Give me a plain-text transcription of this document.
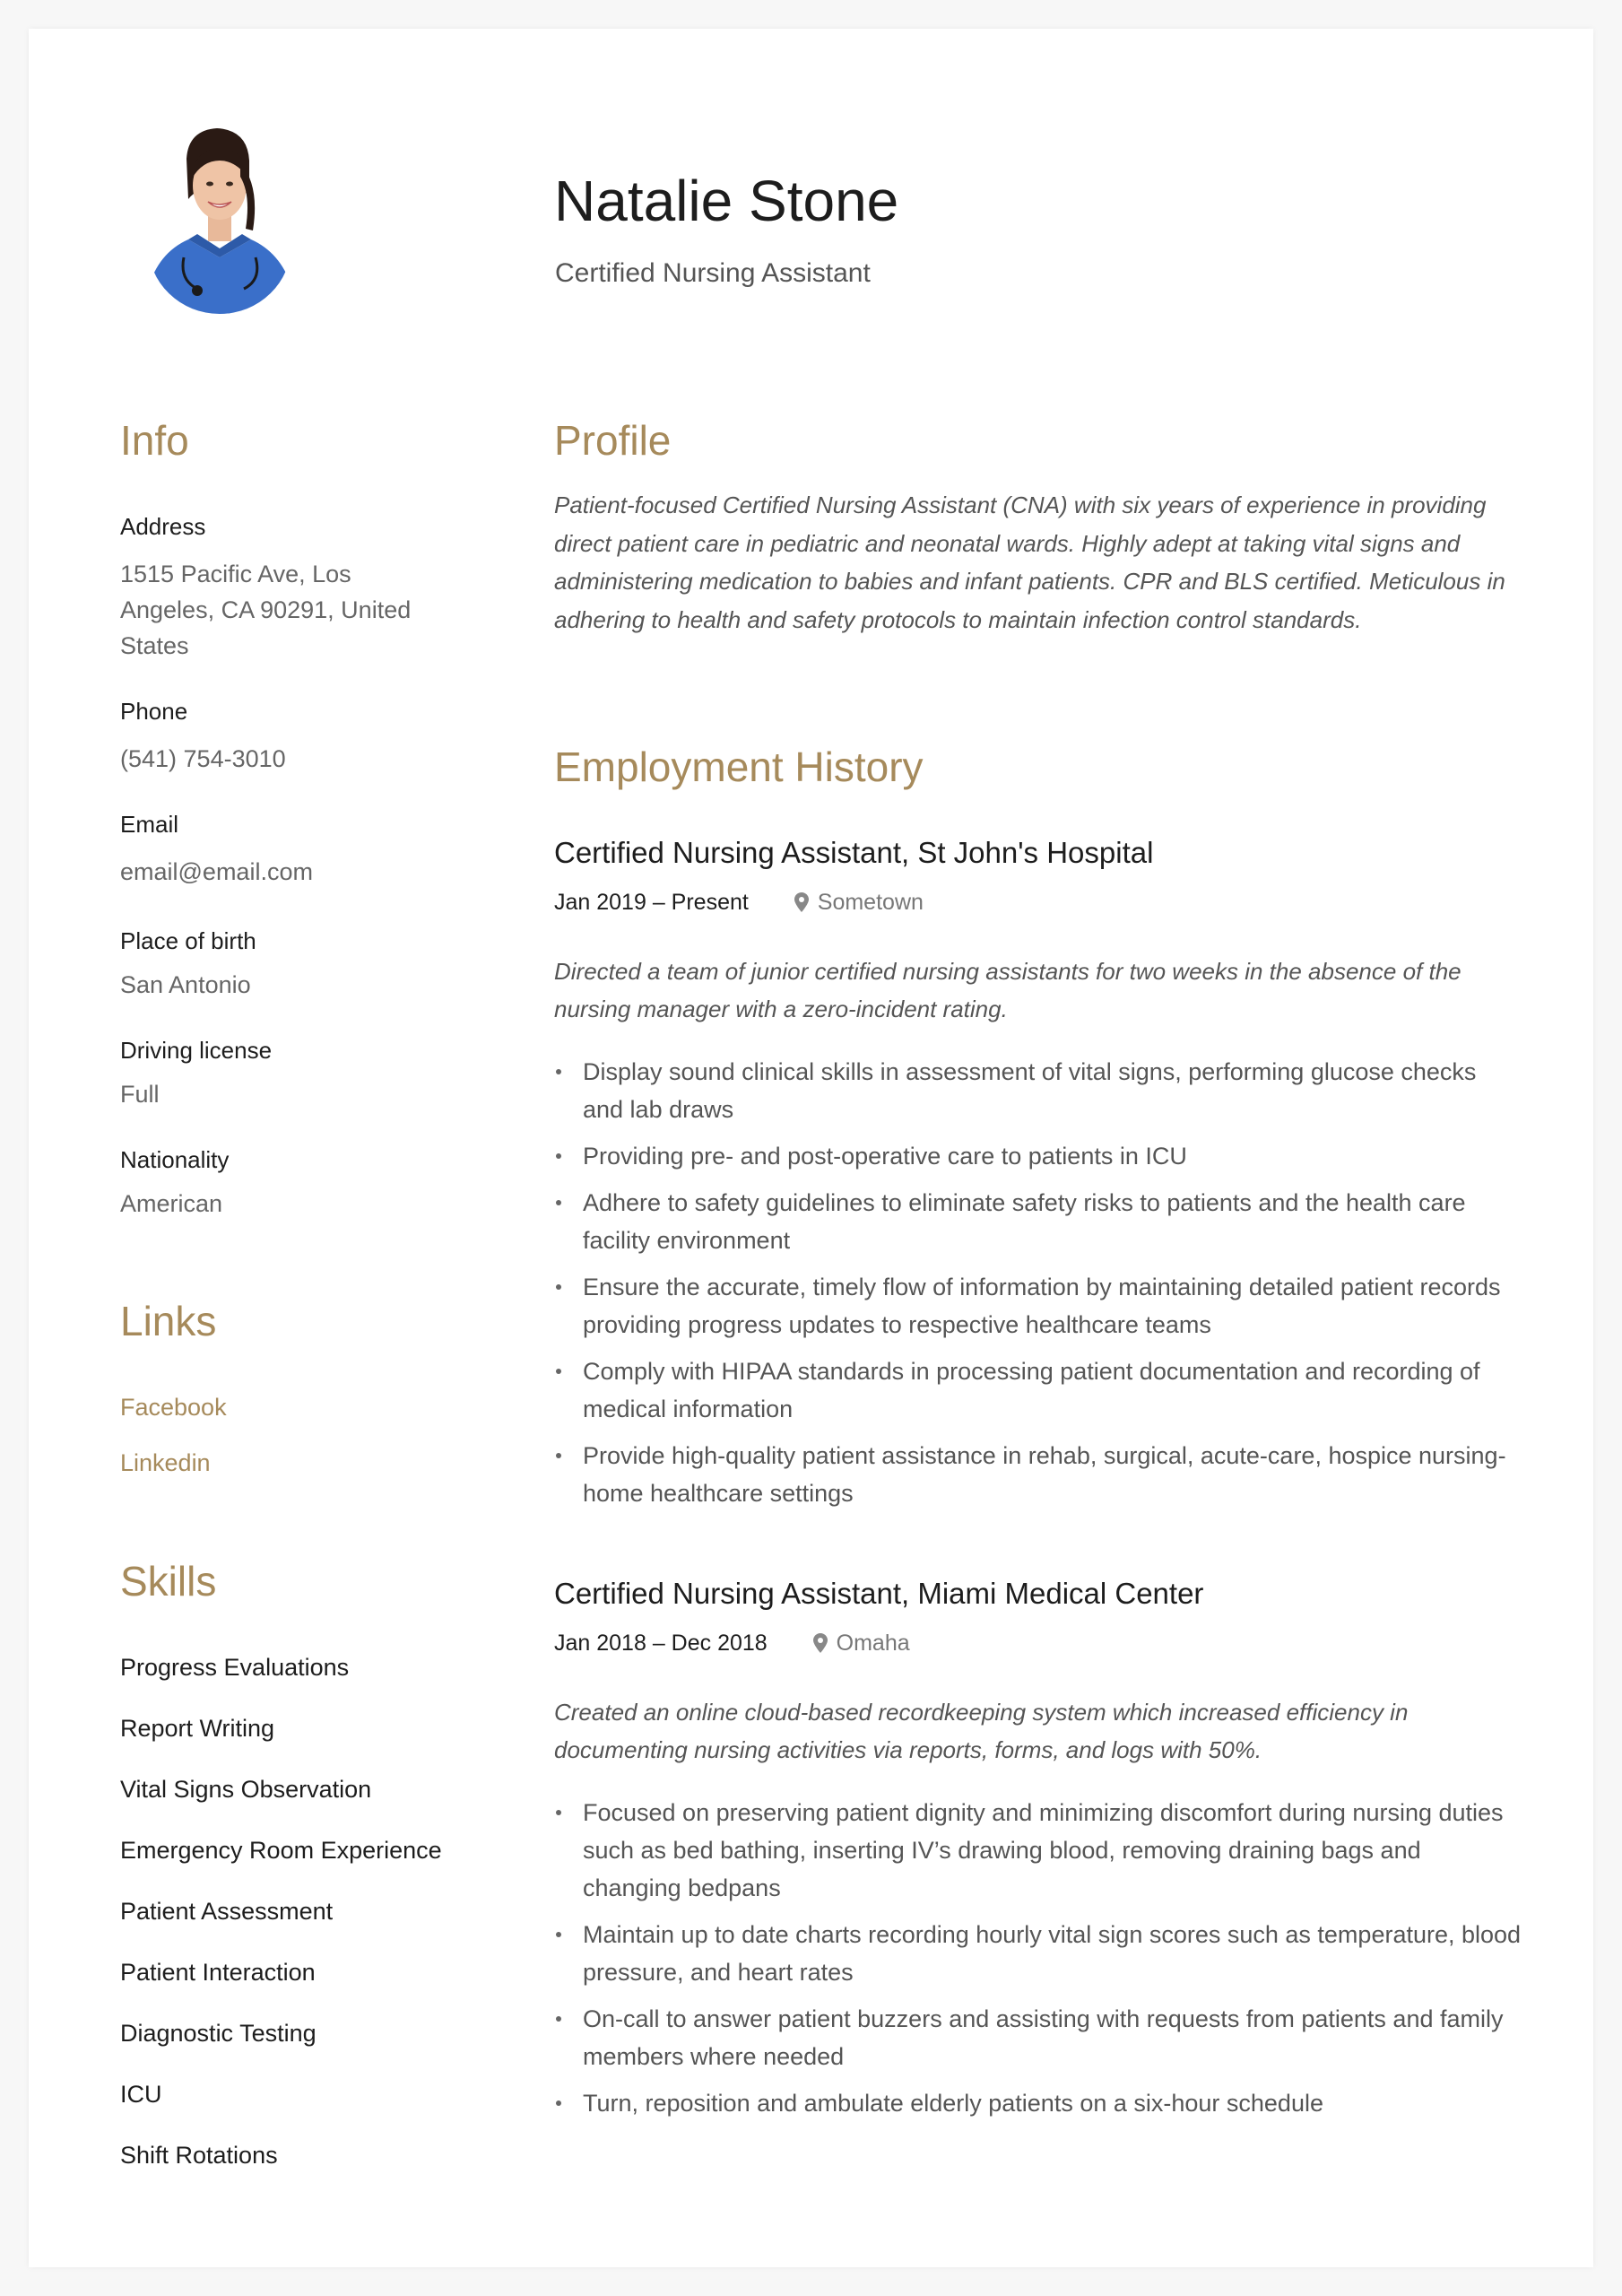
Natalie Stone
Certified Nursing Assistant
Info
Address
1515 Pacific Ave, Los Angeles, CA 90291, United States
Phone
(541) 754-3010
Email
email@email.com
Place of birth
San Antonio
Driving license
Full
Nationality
American
Links
Facebook
Linkedin
Skills
Progress Evaluations
Report Writing
Vital Signs Observation
Emergency Room Experience
Patient Assessment
Patient Interaction
Diagnostic Testing
ICU
Shift Rotations
Profile
Patient-focused Certified Nursing Assistant (CNA) with six years of experience in providing direct patient care in pediatric and neonatal wards. Highly adept at taking vital signs and administering medication to babies and infant patients. CPR and BLS certified. Meticulous in adhering to health and safety protocols to maintain infection control standards.
Employment History
Certified Nursing Assistant, St John's Hospital
Jan 2019 – Present	Sometown
Directed a team of junior certified nursing assistants for two weeks in the absence of the nursing manager with a zero-incident rating.
Display sound clinical skills in assessment of vital signs, performing glucose checks and lab draws
Providing pre- and post-operative care to patients in ICU
Adhere to safety guidelines to eliminate safety risks to patients and the health care facility environment
Ensure the accurate, timely flow of information by maintaining detailed patient records providing progress updates to respective healthcare teams
Comply with HIPAA standards in processing patient documentation and recording of medical information
Provide high-quality patient assistance in rehab, surgical, acute-care, hospice nursing-home healthcare settings
Certified Nursing Assistant, Miami Medical Center
Jan 2018 – Dec 2018	Omaha
Created an online cloud-based recordkeeping system which increased efficiency in documenting nursing activities via reports, forms, and logs with 50%.
Focused on preserving patient dignity and minimizing discomfort during nursing duties such as bed bathing, inserting IV’s drawing blood, removing draining bags and changing bedpans
Maintain up to date charts recording hourly vital sign scores such as temperature, blood pressure, and heart rates
On-call to answer patient buzzers and assisting with requests from patients and family members where needed
Turn, reposition and ambulate elderly patients on a six-hour schedule
